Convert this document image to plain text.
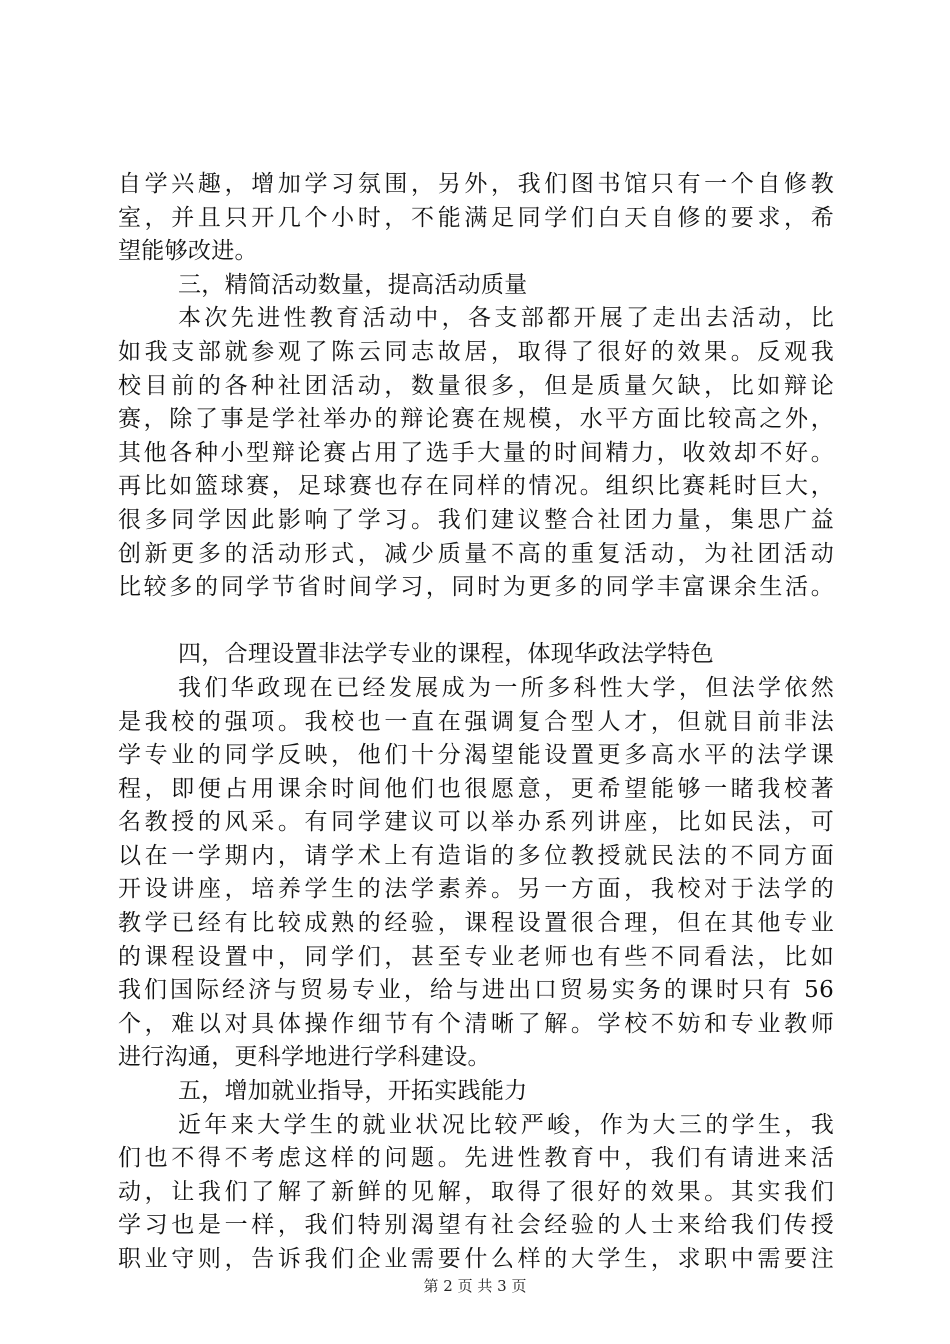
自学兴趣，增加学习氛围，另外，我们图书馆只有一个自修教
室，并且只开几个小时，不能满足同学们白天自修的要求，希
望能够改进。
三，精简活动数量，提高活动质量
本次先进性教育活动中，各支部都开展了走出去活动，比
如我支部就参观了陈云同志故居，取得了很好的效果。反观我
校目前的各种社团活动，数量很多，但是质量欠缺，比如辩论
赛，除了事是学社举办的辩论赛在规模，水平方面比较高之外，
其他各种小型辩论赛占用了选手大量的时间精力，收效却不好。
再比如篮球赛，足球赛也存在同样的情况。组织比赛耗时巨大，
很多同学因此影响了学习。我们建议整合社团力量，集思广益
创新更多的活动形式，减少质量不高的重复活动，为社团活动
比较多的同学节省时间学习，同时为更多的同学丰富课余生活。
四，合理设置非法学专业的课程，体现华政法学特色
我们华政现在已经发展成为一所多科性大学，但法学依然
是我校的强项。我校也一直在强调复合型人才，但就目前非法
学专业的同学反映，他们十分渴望能设置更多高水平的法学课
程，即便占用课余时间他们也很愿意，更希望能够一睹我校著
名教授的风采。有同学建议可以举办系列讲座，比如民法，可
以在一学期内，请学术上有造诣的多位教授就民法的不同方面
开设讲座，培养学生的法学素养。另一方面，我校对于法学的
教学已经有比较成熟的经验，课程设置很合理，但在其他专业
的课程设置中，同学们，甚至专业老师也有些不同看法，比如
我们国际经济与贸易专业，给与进出口贸易实务的课时只有 56
个，难以对具体操作细节有个清晰了解。学校不妨和专业教师
进行沟通，更科学地进行学科建设。
五，增加就业指导，开拓实践能力
近年来大学生的就业状况比较严峻，作为大三的学生，我
们也不得不考虑这样的问题。先进性教育中，我们有请进来活
动，让我们了解了新鲜的见解，取得了很好的效果。其实我们
学习也是一样，我们特别渴望有社会经验的人士来给我们传授
职业守则，告诉我们企业需要什么样的大学生，求职中需要注
第 2 页 共 3 页
